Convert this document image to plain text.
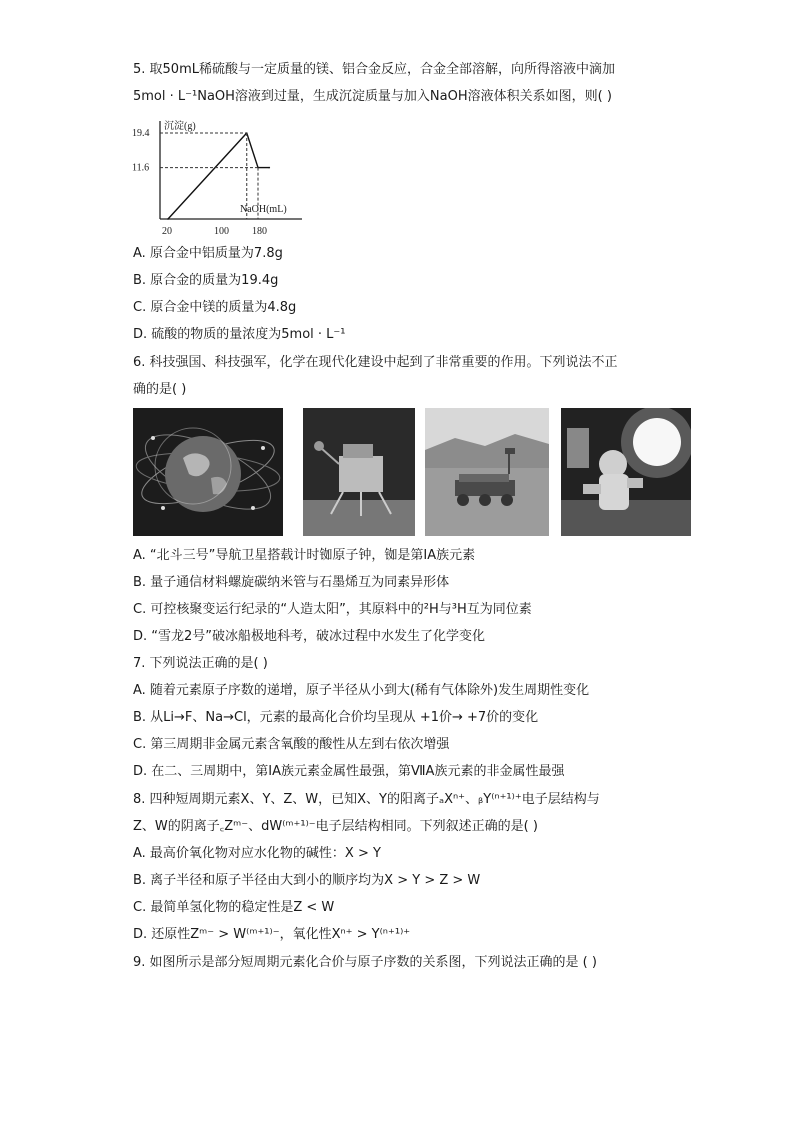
5. 取50mL稀硫酸与一定质量的镁、铝合金反应，合金全部溶解，向所得溶液中滴加
5mol · L⁻¹NaOH溶液到过量，生成沉淀质量与加入NaOH溶液体积关系如图，则( )
沉淀(g)
NaOH(mL)
19.4
11.6
20	100 180
A. 原合金中铝质量为7.8g
B. 原合金的质量为19.4g
C. 原合金中镁的质量为4.8g
D. 硫酸的物质的量浓度为5mol · L⁻¹
6. 科技强国、科技强军，化学在现代化建设中起到了非常重要的作用。下列说法不正
确的是( )
A. “北斗三号”导航卫星搭载计时铷原子钟，铷是第ⅠA族元素
B. 量子通信材料螺旋碳纳米管与石墨烯互为同素异形体
C. 可控核聚变运行纪录的“人造太阳”，其原料中的²H与³H互为同位素
D. “雪龙2号”破冰船极地科考，破冰过程中水发生了化学变化
7. 下列说法正确的是( )
A. 随着元素原子序数的递增，原子半径从小到大(稀有气体除外)发生周期性变化
B. 从Li→F、Na→Cl，元素的最高化合价均呈现从 +1价→ +7价的变化
C. 第三周期非金属元素含氧酸的酸性从左到右依次增强
D. 在二、三周期中，第ⅠA族元素金属性最强，第ⅦA族元素的非金属性最强
8. 四种短周期元素X、Y、Z、W，已知X、Y的阳离子ₐXⁿ⁺、ᵦY⁽ⁿ⁺¹⁾⁺电子层结构与
Z、W的阴离子꜀Zᵐ⁻、dW⁽ᵐ⁺¹⁾⁻电子层结构相同。下列叙述正确的是( )
A. 最高价氧化物对应水化物的碱性：X > Y
B. 离子半径和原子半径由大到小的顺序均为X > Y > Z > W
C. 最简单氢化物的稳定性是Z < W
D. 还原性Zᵐ⁻ > W⁽ᵐ⁺¹⁾⁻，氧化性Xⁿ⁺ > Y⁽ⁿ⁺¹⁾⁺
9. 如图所示是部分短周期元素化合价与原子序数的关系图，下列说法正确的是 ( )
